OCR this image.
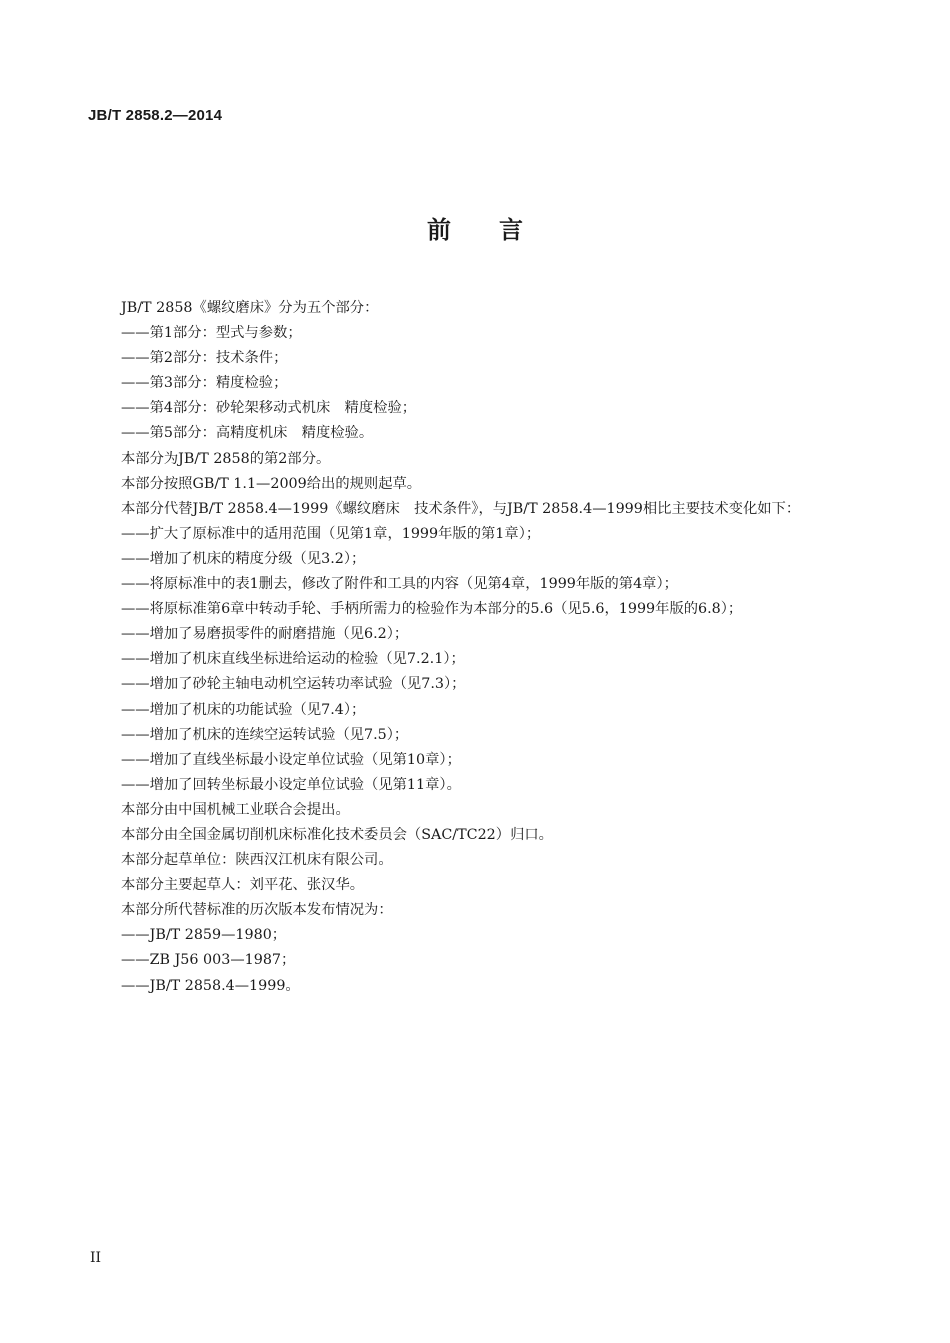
JB/T 2858.2—2014
前言

JB/T 2858《螺纹磨床》分为五个部分：

——第1部分：型式与参数；

——第2部分：技术条件；

——第3部分：精度检验；

——第4部分：砂轮架移动式机床　精度检验；

——第5部分：高精度机床　精度检验。

本部分为JB/T 2858的第2部分。

本部分按照GB/T 1.1—2009给出的规则起草。

本部分代替JB/T 2858.4—1999《螺纹磨床　技术条件》，与JB/T 2858.4—1999相比主要技术变化如下：

——扩大了原标准中的适用范围（见第1章，1999年版的第1章）；

——增加了机床的精度分级（见3.2）；

——将原标准中的表1删去，修改了附件和工具的内容（见第4章，1999年版的第4章）；

——将原标准第6章中转动手轮、手柄所需力的检验作为本部分的5.6（见5.6，1999年版的6.8）；

——增加了易磨损零件的耐磨措施（见6.2）；

——增加了机床直线坐标进给运动的检验（见7.2.1）；

——增加了砂轮主轴电动机空运转功率试验（见7.3）；

——增加了机床的功能试验（见7.4）；

——增加了机床的连续空运转试验（见7.5）；

——增加了直线坐标最小设定单位试验（见第10章）；

——增加了回转坐标最小设定单位试验（见第11章）。

本部分由中国机械工业联合会提出。

本部分由全国金属切削机床标准化技术委员会（SAC/TC22）归口。

本部分起草单位：陕西汉江机床有限公司。

本部分主要起草人：刘平花、张汉华。

本部分所代替标准的历次版本发布情况为：

——JB/T 2859—1980；

——ZB J56 003—1987；

——JB/T 2858.4—1999。

II
